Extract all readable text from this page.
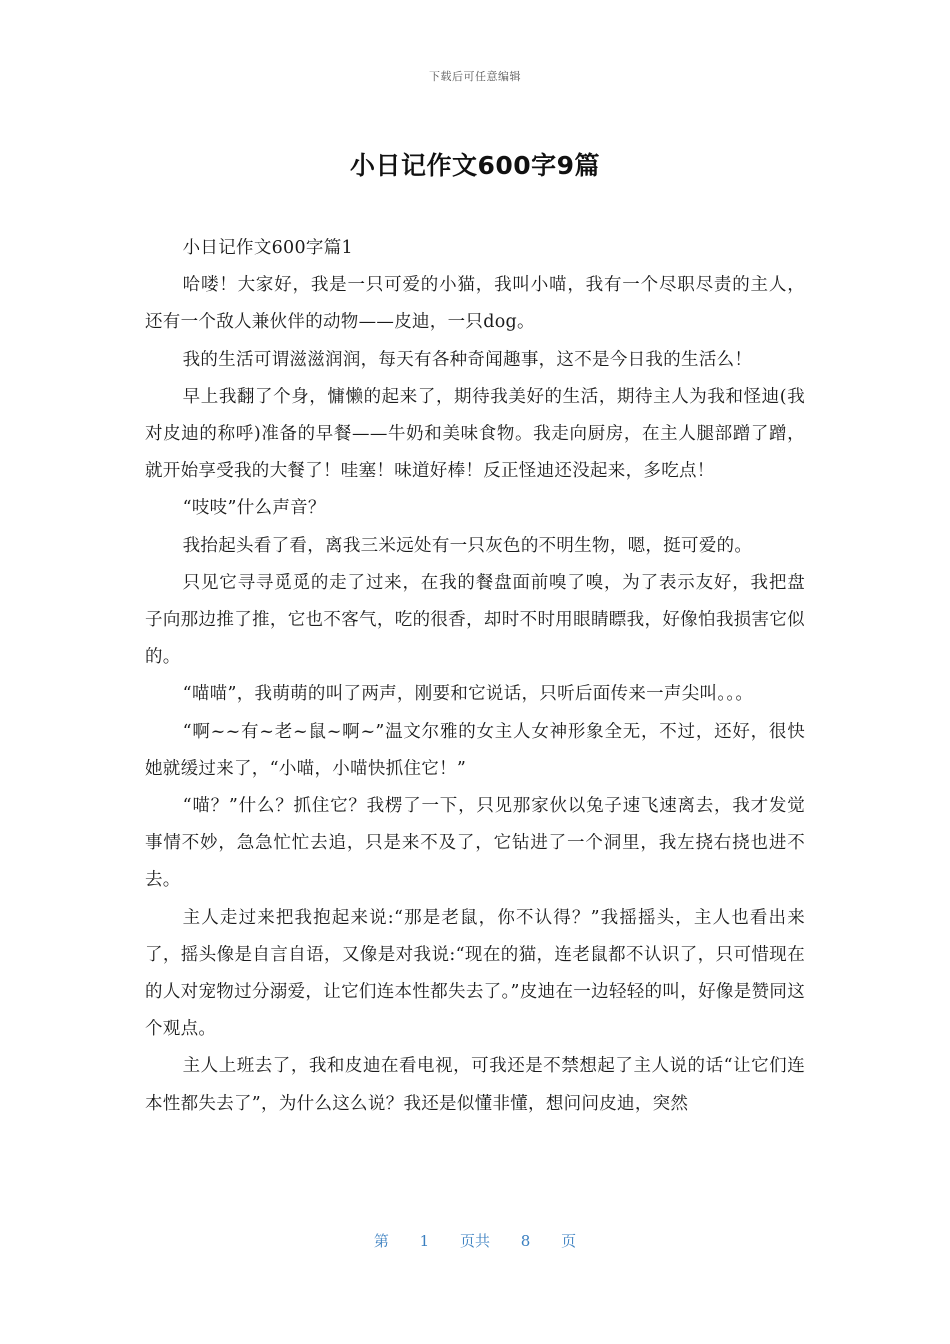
下载后可任意编辑
小日记作文600字9篇

小日记作文600字篇1

哈喽！大家好，我是一只可爱的小猫，我叫小喵，我有一个尽职尽责的主人，还有一个敌人兼伙伴的动物——皮迪，一只dog。

我的生活可谓滋滋润润，每天有各种奇闻趣事，这不是今日我的生活么！

早上我翻了个身，慵懒的起来了，期待我美好的生活，期待主人为我和怪迪(我对皮迪的称呼)准备的早餐——牛奶和美味食物。我走向厨房，在主人腿部蹭了蹭，就开始享受我的大餐了！哇塞！味道好棒！反正怪迪还没起来，多吃点！

“吱吱”什么声音？

我抬起头看了看，离我三米远处有一只灰色的不明生物，嗯，挺可爱的。

只见它寻寻觅觅的走了过来，在我的餐盘面前嗅了嗅，为了表示友好，我把盘子向那边推了推，它也不客气，吃的很香，却时不时用眼睛瞟我，好像怕我损害它似的。

“喵喵”，我萌萌的叫了两声，刚要和它说话，只听后面传来一声尖叫。。。

“啊~~有~老~鼠~啊~”温文尔雅的女主人女神形象全无，不过，还好，很快她就缓过来了，“小喵，小喵快抓住它！”

“喵？”什么？抓住它？我楞了一下，只见那家伙以兔子速飞速离去，我才发觉事情不妙，急急忙忙去追，只是来不及了，它钻进了一个洞里，我左挠右挠也进不去。

主人走过来把我抱起来说:“那是老鼠，你不认得？”我摇摇头，主人也看出来了，摇头像是自言自语，又像是对我说:“现在的猫，连老鼠都不认识了，只可惜现在的人对宠物过分溺爱，让它们连本性都失去了。”皮迪在一边轻轻的叫，好像是赞同这个观点。

主人上班去了，我和皮迪在看电视，可我还是不禁想起了主人说的话“让它们连本性都失去了”，为什么这么说？我还是似懂非懂，想问问皮迪，突然

第 1 页共 8 页
